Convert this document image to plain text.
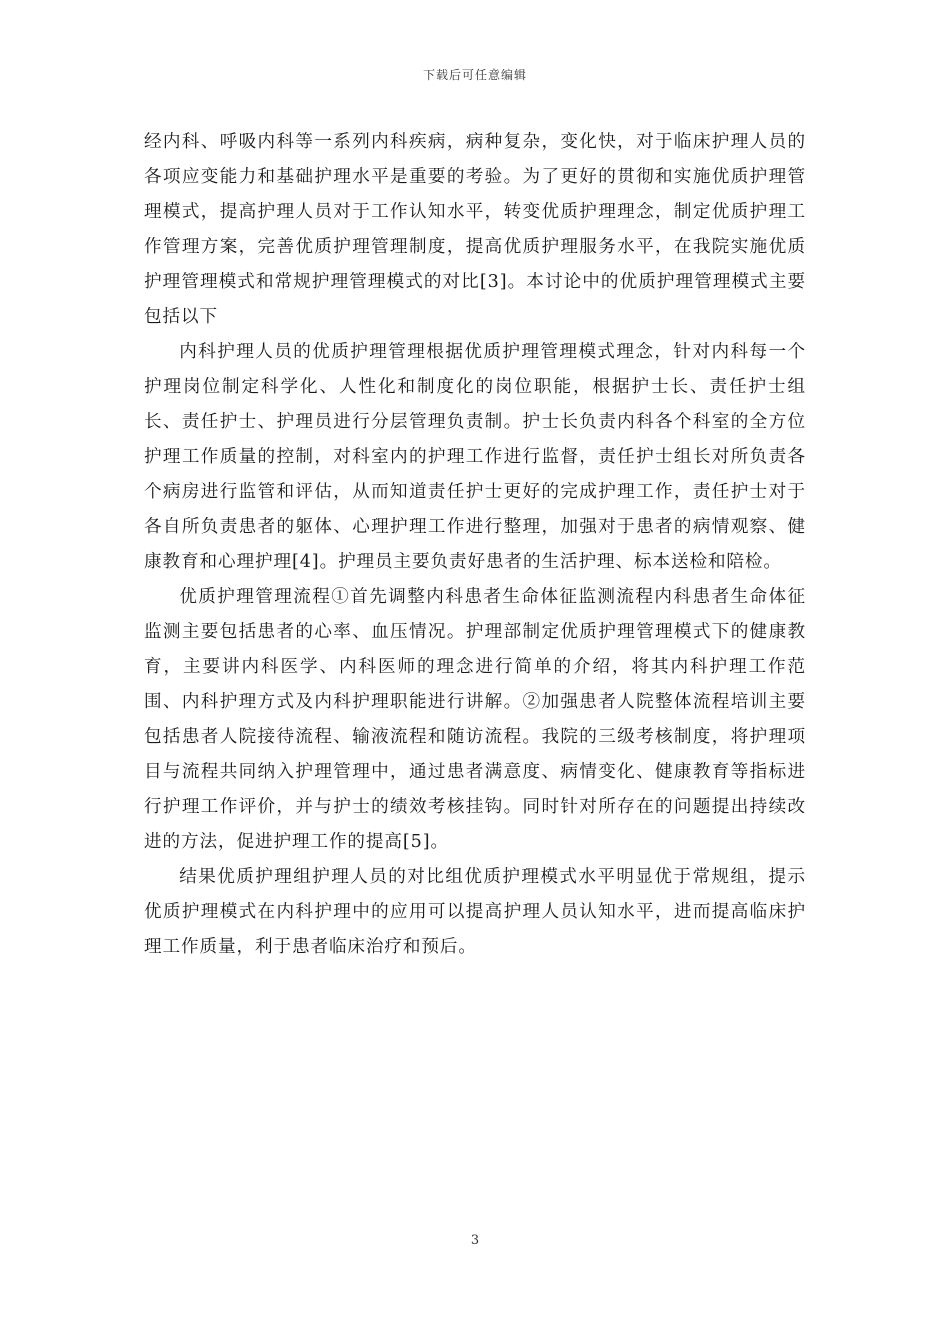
下载后可任意编辑

经内科、呼吸内科等一系列内科疾病，病种复杂，变化快，对于临床护理人员的各项应变能力和基础护理水平是重要的考验。为了更好的贯彻和实施优质护理管理模式，提高护理人员对于工作认知水平，转变优质护理理念，制定优质护理工作管理方案，完善优质护理管理制度，提高优质护理服务水平，在我院实施优质护理管理模式和常规护理管理模式的对比[3]。本讨论中的优质护理管理模式主要包括以下

内科护理人员的优质护理管理根据优质护理管理模式理念，针对内科每一个护理岗位制定科学化、人性化和制度化的岗位职能，根据护士长、责任护士组长、责任护士、护理员进行分层管理负责制。护士长负责内科各个科室的全方位护理工作质量的控制，对科室内的护理工作进行监督，责任护士组长对所负责各个病房进行监管和评估，从而知道责任护士更好的完成护理工作，责任护士对于各自所负责患者的躯体、心理护理工作进行整理，加强对于患者的病情观察、健康教育和心理护理[4]。护理员主要负责好患者的生活护理、标本送检和陪检。

优质护理管理流程①首先调整内科患者生命体征监测流程内科患者生命体征监测主要包括患者的心率、血压情况。护理部制定优质护理管理模式下的健康教育，主要讲内科医学、内科医师的理念进行简单的介绍，将其内科护理工作范围、内科护理方式及内科护理职能进行讲解。②加强患者人院整体流程培训主要包括患者人院接待流程、输液流程和随访流程。我院的三级考核制度，将护理项目与流程共同纳入护理管理中，通过患者满意度、病情变化、健康教育等指标进行护理工作评价，并与护士的绩效考核挂钩。同时针对所存在的问题提出持续改进的方法，促进护理工作的提高[5]。

结果优质护理组护理人员的对比组优质护理模式水平明显优于常规组，提示优质护理模式在内科护理中的应用可以提高护理人员认知水平，进而提高临床护理工作质量，利于患者临床治疗和预后。

3
